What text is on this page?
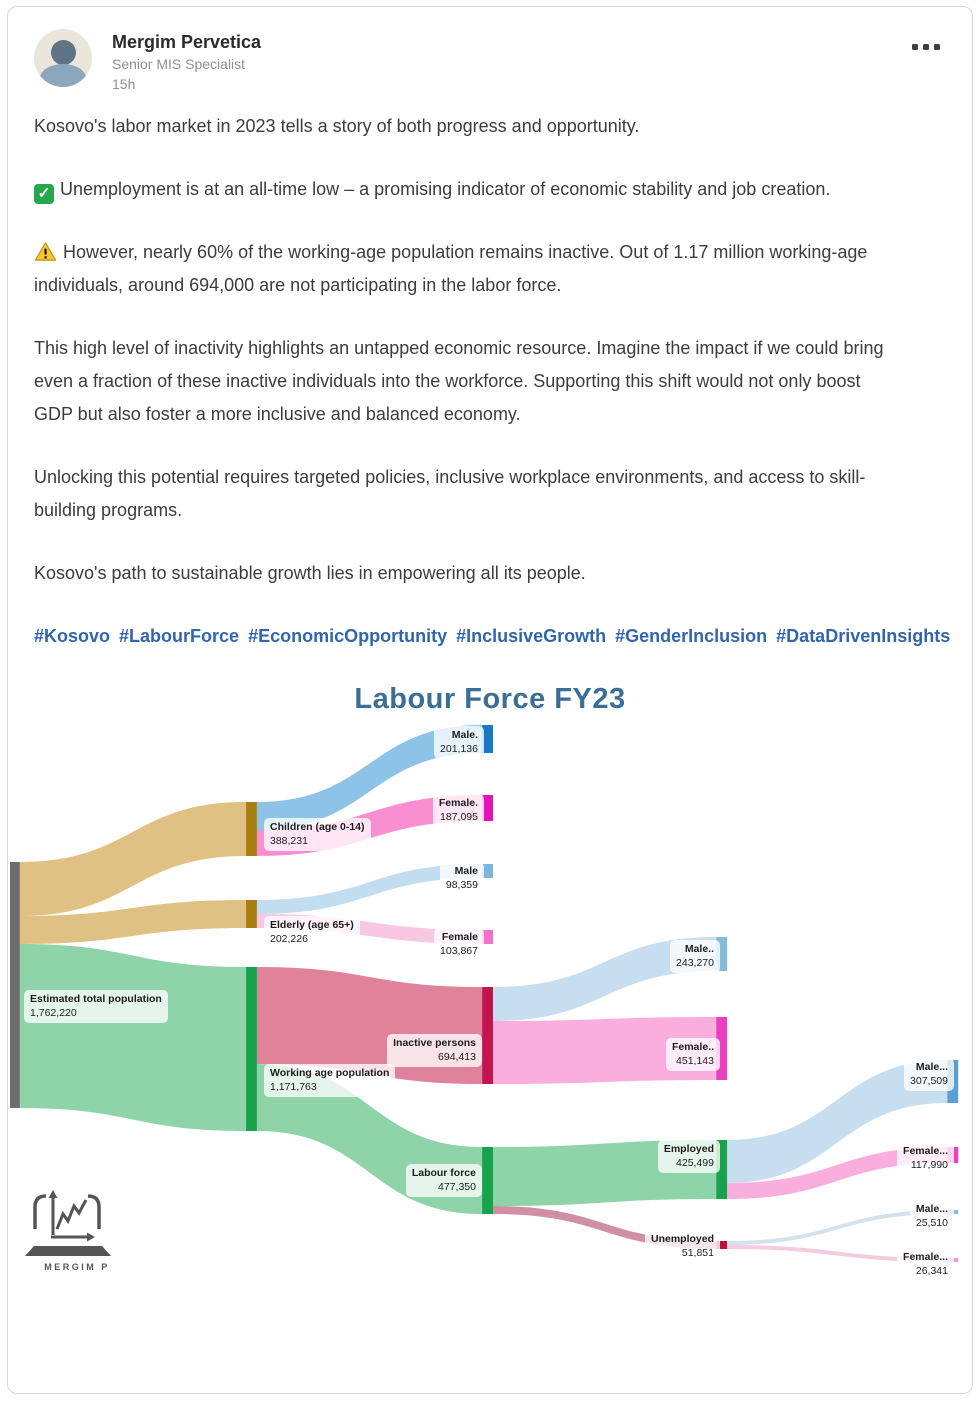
Mergim Pervetica
Senior MIS Specialist
15h

Kosovo's labor market in 2023 tells a story of both progress and opportunity.

✓ Unemployment is at an all-time low – a promising indicator of economic stability and job creation.

However, nearly 60% of the working-age population remains inactive. Out of 1.17 million working-age individuals, around 694,000 are not participating in the labor force.

This high level of inactivity highlights an untapped economic resource. Imagine the impact if we could bring even a fraction of these inactive individuals into the workforce. Supporting this shift would not only boost GDP but also foster a more inclusive and balanced economy.

Unlocking this potential requires targeted policies, inclusive workplace environments, and access to skill-building programs.

Kosovo's path to sustainable growth lies in empowering all its people.

#Kosovo #LabourForce #EconomicOpportunity #InclusiveGrowth #GenderInclusion #DataDrivenInsights

Labour Force FY23
Male.
201,136
Female.
187,095
Children (age 0-14)
388,231
Male
98,359
Elderly (age 65+)
202,226	Female
103,867
Estimated total population
1,762,220
Working age population
1,171,763
Inactive persons
694,413
Labour force
477,350
Male..
243,270
Female..
451,143
Employed
425,499
Unemployed
51,851
Male...
307,509
Female...
117,990
Male...
25,510
Female...
26,341
MERGIM P
